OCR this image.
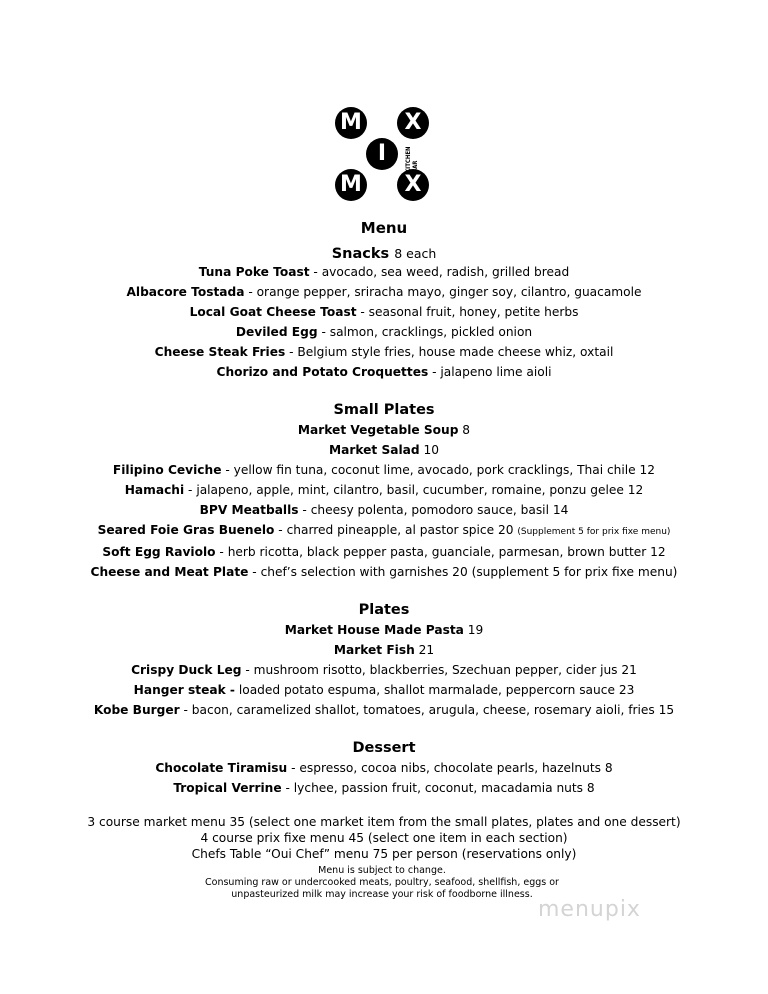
M	X
I
M	X
KITCHEN BAR
Menu
Snacks 8 each

Tuna Poke Toast - avocado, sea weed, radish, grilled bread

Albacore Tostada - orange pepper, sriracha mayo, ginger soy, cilantro, guacamole

Local Goat Cheese Toast - seasonal fruit, honey, petite herbs

Deviled Egg - salmon, cracklings, pickled onion

Cheese Steak Fries - Belgium style fries, house made cheese whiz, oxtail

Chorizo and Potato Croquettes - jalapeno lime aioli

Small Plates

Market Vegetable Soup 8

Market Salad 10

Filipino Ceviche - yellow fin tuna, coconut lime, avocado, pork cracklings, Thai chile 12

Hamachi - jalapeno, apple, mint, cilantro, basil, cucumber, romaine, ponzu gelee 12

BPV Meatballs - cheesy polenta, pomodoro sauce, basil 14

Seared Foie Gras Buenelo - charred pineapple, al pastor spice 20 (Supplement 5 for prix fixe menu)

Soft Egg Raviolo - herb ricotta, black pepper pasta, guanciale, parmesan, brown butter 12

Cheese and Meat Plate - chef’s selection with garnishes 20 (supplement 5 for prix fixe menu)

Plates

Market House Made Pasta 19

Market Fish 21

Crispy Duck Leg - mushroom risotto, blackberries, Szechuan pepper, cider jus 21

Hanger steak - loaded potato espuma, shallot marmalade, peppercorn sauce 23

Kobe Burger - bacon, caramelized shallot, tomatoes, arugula, cheese, rosemary aioli, fries 15

Dessert

Chocolate Tiramisu - espresso, cocoa nibs, chocolate pearls, hazelnuts 8

Tropical Verrine - lychee, passion fruit, coconut, macadamia nuts 8

3 course market menu 35 (select one market item from the small plates, plates and one dessert)
4 course prix fixe menu 45 (select one item in each section)
Chefs Table “Oui Chef” menu 75 per person (reservations only)
Menu is subject to change.
Consuming raw or undercooked meats, poultry, seafood, shellfish, eggs or
unpasteurized milk may increase your risk of foodborne illness.
menupix
